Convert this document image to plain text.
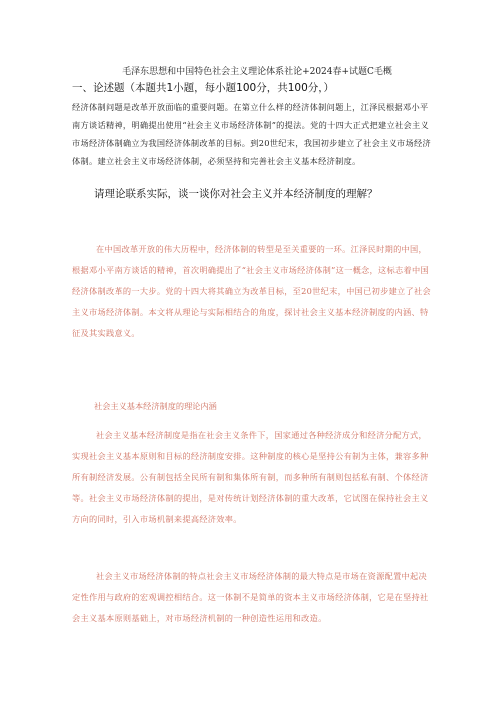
毛泽东思想和中国特色社会主义理论体系社论+2024春+试题C毛概
一、论述题（本题共1小题，每小题100分，共100分，）
经济体制问题是改革开放面临的重要问题。在第立什么样的经济体制问题上，江泽民根据邓小平南方谈话精神，明确提出使用“社会主义市场经济体制”的提法。党的十四大正式把建立社会主义市场经济体制确立为我国经济体制改革的目标。到20世纪末，我国初步建立了社会主义市场经济体制。建立社会主义市场经济体制，必须坚持和完善社会主义基本经济制度。
请理论联系实际，谈一谈你对社会主义并本经济制度的理解？
在中国改革开放的伟大历程中，经济体制的转型是至关重要的一环。江泽民时期的中国，根据邓小平南方谈话的精神，首次明确提出了“社会主义市场经济体制”这一概念，这标志着中国经济体制改革的一大步。党的十四大将其确立为改革目标，至20世纪末，中国已初步建立了社会主义市场经济体制。本文将从理论与实际相结合的角度，探讨社会主义基本经济制度的内涵、特征及其实践意义。
社会主义基本经济制度的理论内涵
社会主义基本经济制度是指在社会主义条件下，国家通过各种经济成分和经济分配方式，实现社会主义基本原则和目标的经济制度安排。这种制度的核心是坚持公有制为主体，兼容多种所有制经济发展。公有制包括全民所有制和集体所有制，而多种所有制则包括私有制、个体经济等。社会主义市场经济体制的提出，是对传统计划经济体制的重大改革，它试图在保持社会主义方向的同时，引入市场机制来提高经济效率。
社会主义市场经济体制的特点社会主义市场经济体制的最大特点是市场在资源配置中起决定性作用与政府的宏观调控相结合。这一体制不是简单的资本主义市场经济体制，它是在坚持社会主义基本原则基础上，对市场经济机制的一种创造性运用和改造。
